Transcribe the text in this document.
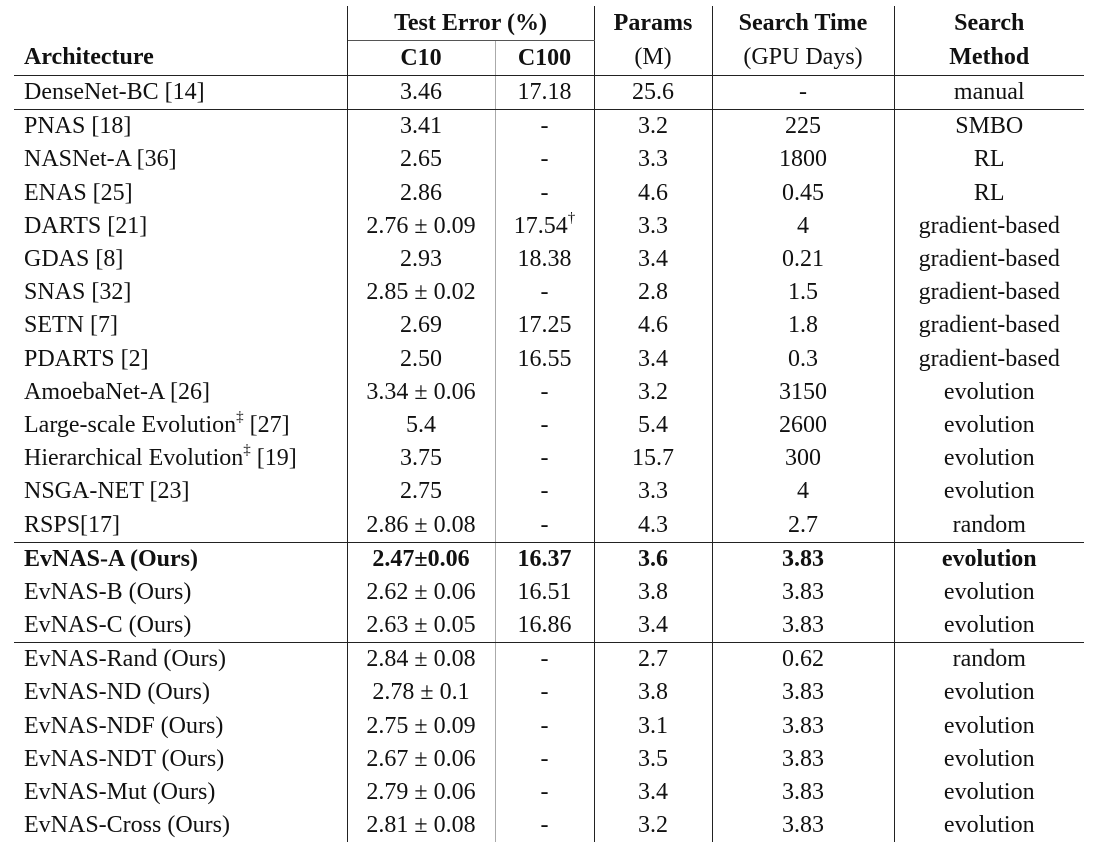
	Test Error (%)		Params	Search Time	Search
Architecture	C10	C100	(M)	(GPU Days)	Method
DenseNet-BC [14]	3.46	17.18	25.6	-	manual
PNAS [18]	3.41	-	3.2	225	SMBO
NASNet-A [36]	2.65	-	3.3	1800	RL
ENAS [25]	2.86	-	4.6	0.45	RL
DARTS [21]	2.76 ± 0.09	17.54†	3.3	4	gradient-based
GDAS [8]	2.93	18.38	3.4	0.21	gradient-based
SNAS [32]	2.85 ± 0.02	-	2.8	1.5	gradient-based
SETN [7]	2.69	17.25	4.6	1.8	gradient-based
PDARTS [2]	2.50	16.55	3.4	0.3	gradient-based
AmoebaNet-A [26]	3.34 ± 0.06	-	3.2	3150	evolution
Large-scale Evolution‡ [27]	5.4	-	5.4	2600	evolution
Hierarchical Evolution‡ [19]	3.75	-	15.7	300	evolution
NSGA-NET [23]	2.75	-	3.3	4	evolution
RSPS[17]	2.86 ± 0.08	-	4.3	2.7	random
EvNAS-A (Ours)	2.47±0.06	16.37	3.6	3.83	evolution
EvNAS-B (Ours)	2.62 ± 0.06	16.51	3.8	3.83	evolution
EvNAS-C (Ours)	2.63 ± 0.05	16.86	3.4	3.83	evolution
EvNAS-Rand (Ours)	2.84 ± 0.08	-	2.7	0.62	random
EvNAS-ND (Ours)	2.78 ± 0.1	-	3.8	3.83	evolution
EvNAS-NDF (Ours)	2.75 ± 0.09	-	3.1	3.83	evolution
EvNAS-NDT (Ours)	2.67 ± 0.06	-	3.5	3.83	evolution
EvNAS-Mut (Ours)	2.79 ± 0.06	-	3.4	3.83	evolution
EvNAS-Cross (Ours)	2.81 ± 0.08	-	3.2	3.83	evolution
